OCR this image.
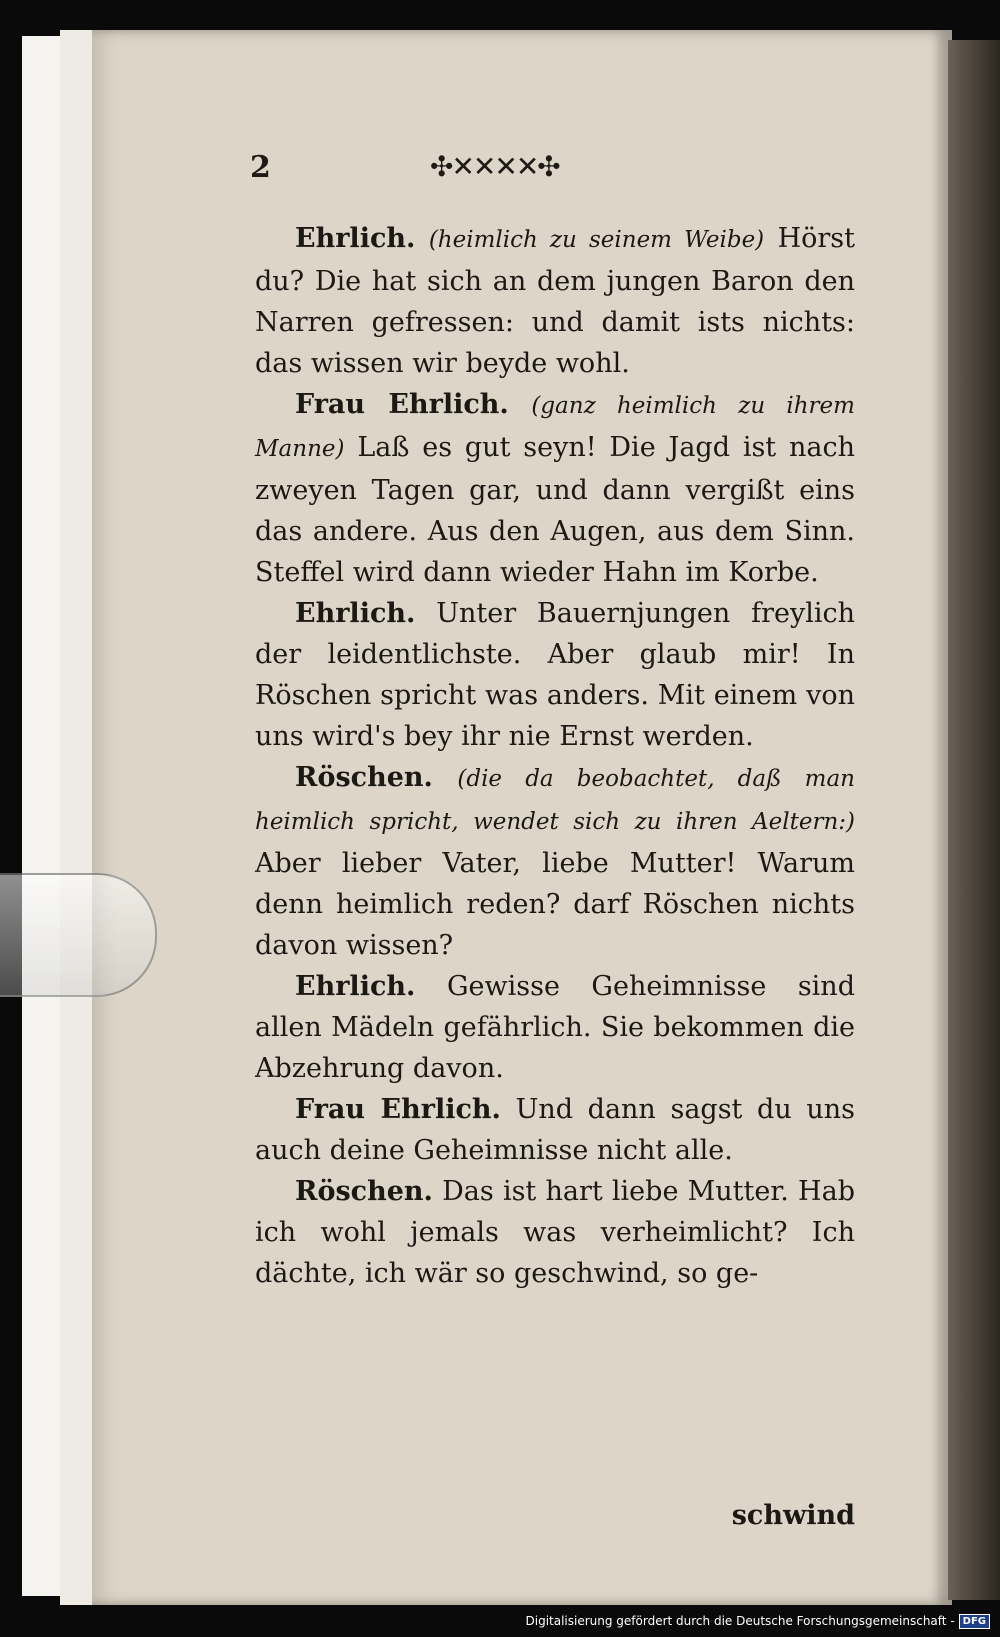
2	✣✕✕✕✕✣

Ehrlich. (heimlich zu seinem Weibe) Hörst du? Die hat sich an dem jungen Baron den Narren gefressen: und damit ists nichts: das wissen wir beyde wohl.

Frau Ehrlich. (ganz heimlich zu ihrem Manne) Laß es gut seyn! Die Jagd ist nach zweyen Tagen gar, und dann vergißt eins das andere. Aus den Augen, aus dem Sinn. Steffel wird dann wieder Hahn im Korbe.

Ehrlich. Unter Bauernjungen freylich der leidentlichste. Aber glaub mir! In Röschen spricht was anders. Mit einem von uns wird's bey ihr nie Ernst werden.

Röschen. (die da beobachtet, daß man heimlich spricht, wendet sich zu ihren Aeltern:) Aber lieber Vater, liebe Mutter! Warum denn heimlich reden? darf Röschen nichts davon wissen?

Ehrlich. Gewisse Geheimnisse sind allen Mädeln gefährlich. Sie bekommen die Abzehrung davon.

Frau Ehrlich. Und dann sagst du uns auch deine Geheimnisse nicht alle.

Röschen. Das ist hart liebe Mutter. Hab ich wohl jemals was verheimlicht? Ich dächte, ich wär so geschwind, so ge-

schwind
Digitalisierung gefördert durch die Deutsche Forschungsgemeinschaft - DFG
